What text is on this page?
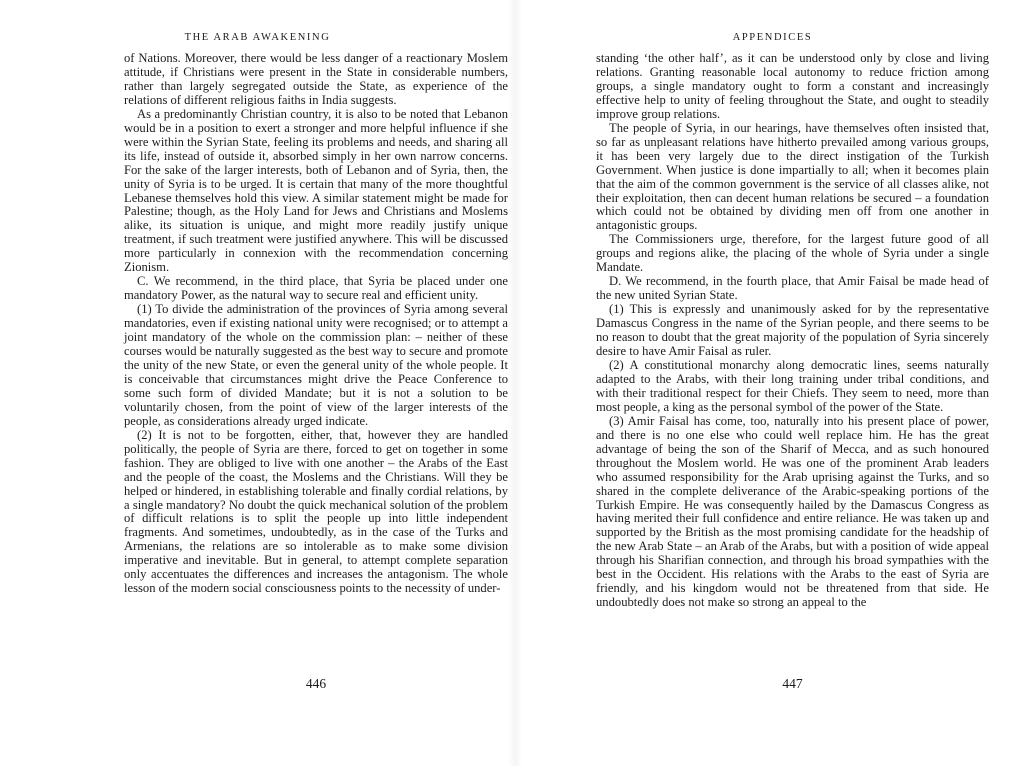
THE ARAB AWAKENING

of Nations. Moreover, there would be less danger of a reactionary Moslem attitude, if Christians were present in the State in considerable numbers, rather than largely segregated outside the State, as experience of the relations of different religious faiths in India suggests.

As a predominantly Christian country, it is also to be noted that Lebanon would be in a position to exert a stronger and more helpful influence if she were within the Syrian State, feeling its problems and needs, and sharing all its life, instead of outside it, absorbed simply in her own narrow concerns. For the sake of the larger interests, both of Lebanon and of Syria, then, the unity of Syria is to be urged. It is certain that many of the more thoughtful Lebanese themselves hold this view. A similar statement might be made for Palestine; though, as the Holy Land for Jews and Christians and Moslems alike, its situation is unique, and might more readily justify unique treatment, if such treatment were justified anywhere. This will be discussed more particularly in connexion with the recommendation concerning Zionism.

C. We recommend, in the third place, that Syria be placed under one mandatory Power, as the natural way to secure real and efficient unity.

(1) To divide the administration of the provinces of Syria among several mandatories, even if existing national unity were recognised; or to attempt a joint mandatory of the whole on the commission plan: – neither of these courses would be naturally suggested as the best way to secure and promote the unity of the new State, or even the general unity of the whole people. It is conceivable that circumstances might drive the Peace Conference to some such form of divided Mandate; but it is not a solution to be voluntarily chosen, from the point of view of the larger interests of the people, as considerations already urged indicate.

(2) It is not to be forgotten, either, that, however they are handled politically, the people of Syria are there, forced to get on together in some fashion. They are obliged to live with one another – the Arabs of the East and the people of the coast, the Moslems and the Christians. Will they be helped or hindered, in establishing tolerable and finally cordial relations, by a single mandatory? No doubt the quick mechanical solution of the problem of difficult relations is to split the people up into little independent fragments. And sometimes, undoubtedly, as in the case of the Turks and Armenians, the relations are so intolerable as to make some division imperative and inevitable. But in general, to attempt complete separation only accentuates the differences and increases the antagonism. The whole lesson of the modern social consciousness points to the necessity of under-

446
APPENDICES

standing ‘the other half’, as it can be understood only by close and living relations. Granting reasonable local autonomy to reduce friction among groups, a single mandatory ought to form a constant and increasingly effective help to unity of feeling throughout the State, and ought to steadily improve group relations.

The people of Syria, in our hearings, have themselves often insisted that, so far as unpleasant relations have hitherto prevailed among various groups, it has been very largely due to the direct instigation of the Turkish Government. When justice is done impartially to all; when it becomes plain that the aim of the common government is the service of all classes alike, not their exploitation, then can decent human relations be secured – a foundation which could not be obtained by dividing men off from one another in antagonistic groups.

The Commissioners urge, therefore, for the largest future good of all groups and regions alike, the placing of the whole of Syria under a single Mandate.

D. We recommend, in the fourth place, that Amir Faisal be made head of the new united Syrian State.

(1) This is expressly and unanimously asked for by the representative Damascus Congress in the name of the Syrian people, and there seems to be no reason to doubt that the great majority of the population of Syria sincerely desire to have Amir Faisal as ruler.

(2) A constitutional monarchy along democratic lines, seems naturally adapted to the Arabs, with their long training under tribal conditions, and with their traditional respect for their Chiefs. They seem to need, more than most people, a king as the personal symbol of the power of the State.

(3) Amir Faisal has come, too, naturally into his present place of power, and there is no one else who could well replace him. He has the great advantage of being the son of the Sharif of Mecca, and as such honoured throughout the Moslem world. He was one of the prominent Arab leaders who assumed responsibility for the Arab uprising against the Turks, and so shared in the complete deliverance of the Arabic-speaking portions of the Turkish Empire. He was consequently hailed by the Damascus Congress as having merited their full confidence and entire reliance. He was taken up and supported by the British as the most promising candidate for the headship of the new Arab State – an Arab of the Arabs, but with a position of wide appeal through his Sharifian connection, and through his broad sympathies with the best in the Occident. His relations with the Arabs to the east of Syria are friendly, and his kingdom would not be threatened from that side. He undoubtedly does not make so strong an appeal to the

447
